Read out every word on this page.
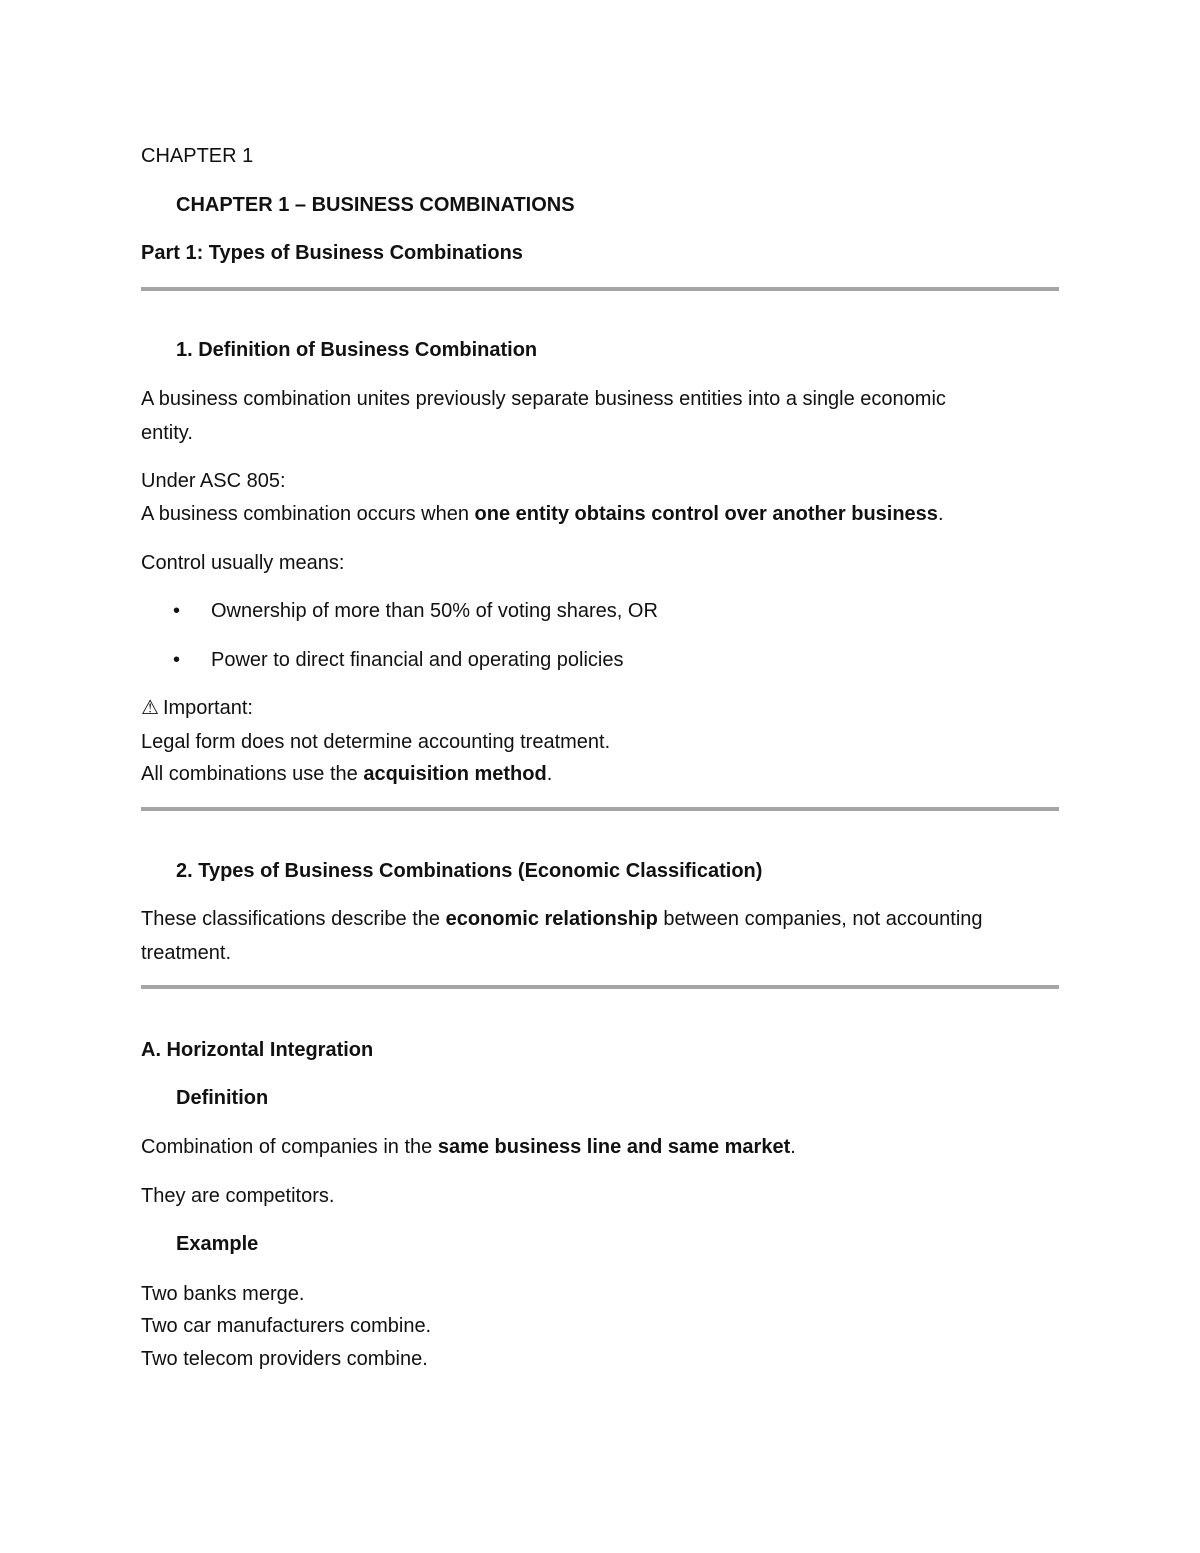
CHAPTER 1

CHAPTER 1 – BUSINESS COMBINATIONS

Part 1: Types of Business Combinations

1. Definition of Business Combination

A business combination unites previously separate business entities into a single economic

entity.

Under ASC 805:

A business combination occurs when one entity obtains control over another business.

Control usually means:

• Ownership of more than 50% of voting shares, OR

• Power to direct financial and operating policies

⚠ Important:

Legal form does not determine accounting treatment.

All combinations use the acquisition method.

2. Types of Business Combinations (Economic Classification)

These classifications describe the economic relationship between companies, not accounting

treatment.

A. Horizontal Integration

Definition

Combination of companies in the same business line and same market.

They are competitors.

Example

Two banks merge.

Two car manufacturers combine.

Two telecom providers combine.
